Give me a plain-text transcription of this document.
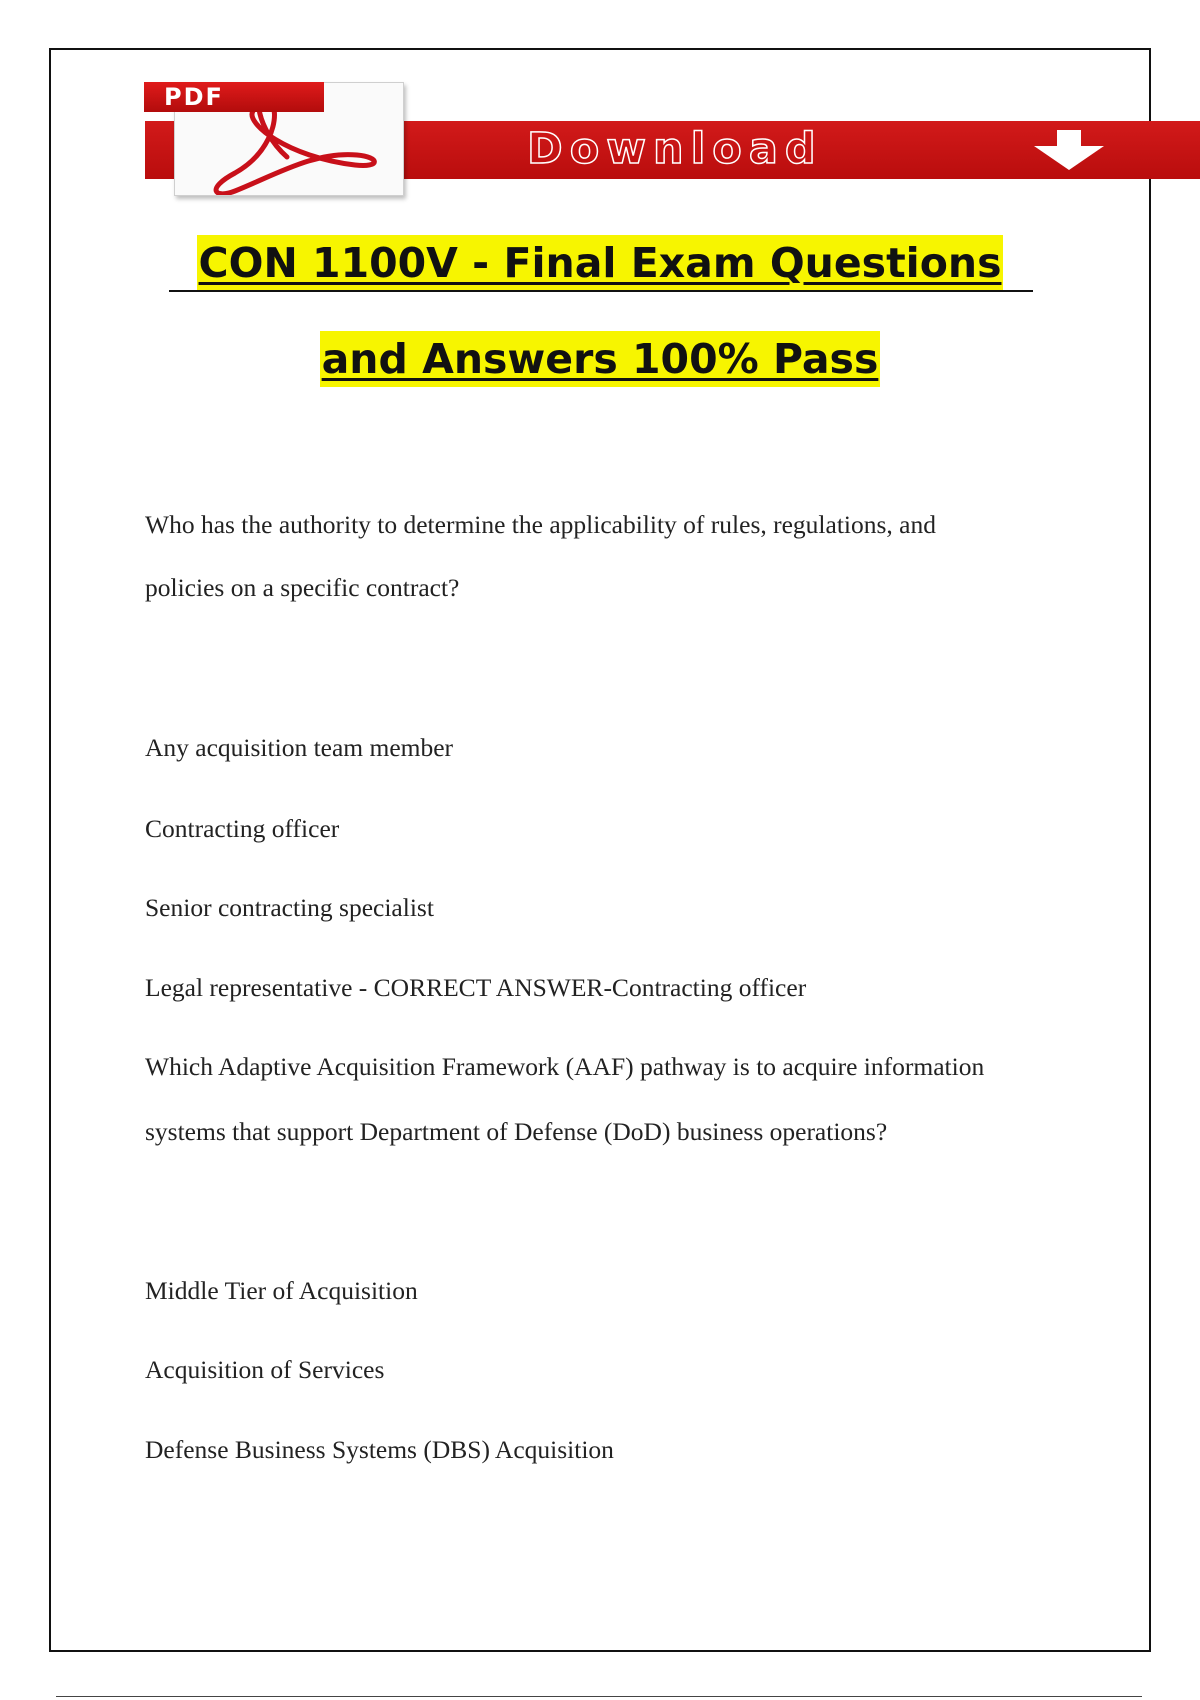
Download
PDF
CON 1100V - Final Exam Questions
and Answers 100% Pass
Who has the authority to determine the applicability of rules, regulations, and
policies on a specific contract?
Any acquisition team member
Contracting officer
Senior contracting specialist
Legal representative - CORRECT ANSWER-Contracting officer
Which Adaptive Acquisition Framework (AAF) pathway is to acquire information
systems that support Department of Defense (DoD) business operations?
Middle Tier of Acquisition
Acquisition of Services
Defense Business Systems (DBS) Acquisition
